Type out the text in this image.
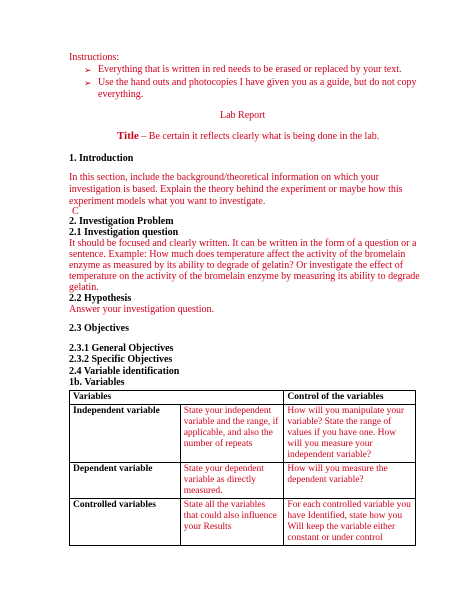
Instructions:
➢ Everything that is written in red needs to be erased or replaced by your text.
➢ Use the hand outs and photocopies I have given you as a guide, but do not copy
everything.
Lab Report
Title – Be certain it reflects clearly what is being done in the lab.
1. Introduction
In this section, include the background/theoretical information on which your
investigation is based. Explain the theory behind the experiment or maybe how this
experiment models what you want to investigate.
C
2. Investigation Problem
2.1 Investigation question
It should be focused and clearly written. It can be written in the form of a question or a
sentence. Example: How much does temperature affect the activity of the bromelain
enzyme as measured by its ability to degrade of gelatin? Or investigate the effect of
temperature on the activity of the bromelain enzyme by measuring its ability to degrade
gelatin.
2.2 Hypothesis
Answer your investigation question.
2.3 Objectives
2.3.1 General Objectives
2.3.2 Specific Objectives
2.4 Variable identification
1b. Variables
Variables		Control of the variables
Independent variable	State your independent variable and the range, if applicable, and also the number of repeats	How will you manipulate your variable? State the range of values if you have one. How will you measure your independent variable?
Dependent variable	State your dependent variable as directly measured.	How will you measure the dependent variable?
Controlled variables	State all the variables that could also influence your Results	For each controlled variable you have Identified, state how you Will keep the variable either constant or under control
